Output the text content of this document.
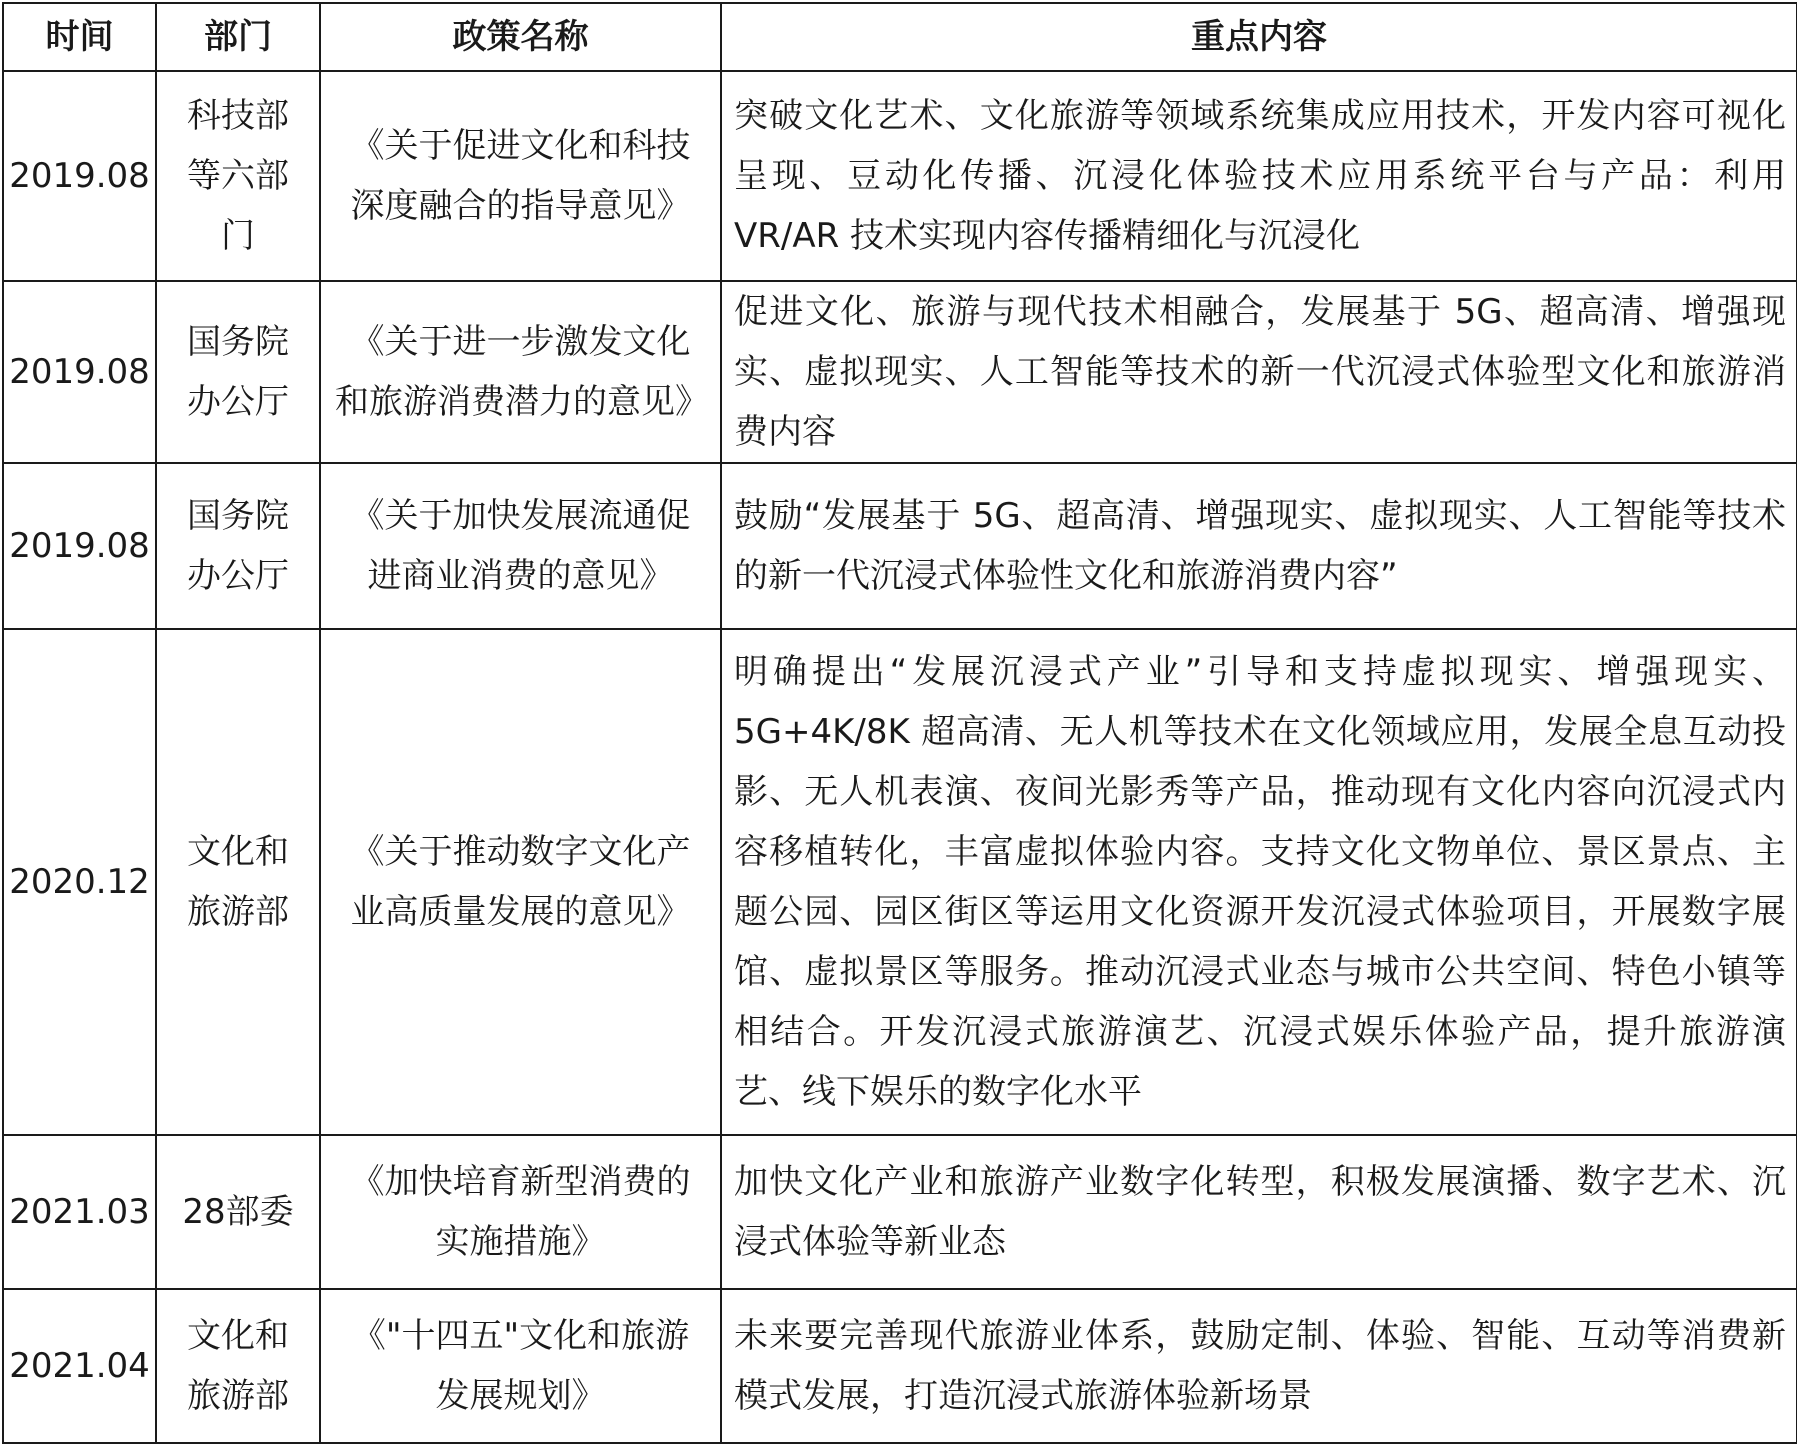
时间	部门	政策名称	重点内容
2019.08	科技部等六部门	《关于促进文化和科技深度融合的指导意见》	突破文化艺术、文化旅游等领域系统集成应用技术，开发内容可视化呈现、豆动化传播、沉浸化体验技术应用系统平台与产品：利用 VR/AR 技术实现内容传播精细化与沉浸化
2019.08	国务院办公厅	《关于进一步激发文化和旅游消费潜力的意见》	促进文化、旅游与现代技术相融合，发展基于 5G、超高清、增强现实、虚拟现实、人工智能等技术的新一代沉浸式体验型文化和旅游消费内容
2019.08	国务院办公厅	《关于加快发展流通促进商业消费的意见》	鼓励“发展基于 5G、超高清、增强现实、虚拟现实、人工智能等技术的新一代沉浸式体验性文化和旅游消费内容”
2020.12	文化和旅游部	《关于推动数字文化产业高质量发展的意见》	明确提出“发展沉浸式产业”引导和支持虚拟现实、增强现实、5G+4K/8K 超高清、无人机等技术在文化领域应用，发展全息互动投影、无人机表演、夜间光影秀等产品，推动现有文化内容向沉浸式内容移植转化，丰富虚拟体验内容。支持文化文物单位、景区景点、主题公园、园区街区等运用文化资源开发沉浸式体验项目，开展数字展馆、虚拟景区等服务。推动沉浸式业态与城市公共空间、特色小镇等相结合。开发沉浸式旅游演艺、沉浸式娱乐体验产品，提升旅游演艺、线下娱乐的数字化水平
2021.03	28部委	《加快培育新型消费的实施措施》	加快文化产业和旅游产业数字化转型，积极发展演播、数字艺术、沉浸式体验等新业态
2021.04	文化和旅游部	《"十四五"文化和旅游发展规划》	未来要完善现代旅游业体系，鼓励定制、体验、智能、互动等消费新模式发展，打造沉浸式旅游体验新场景
